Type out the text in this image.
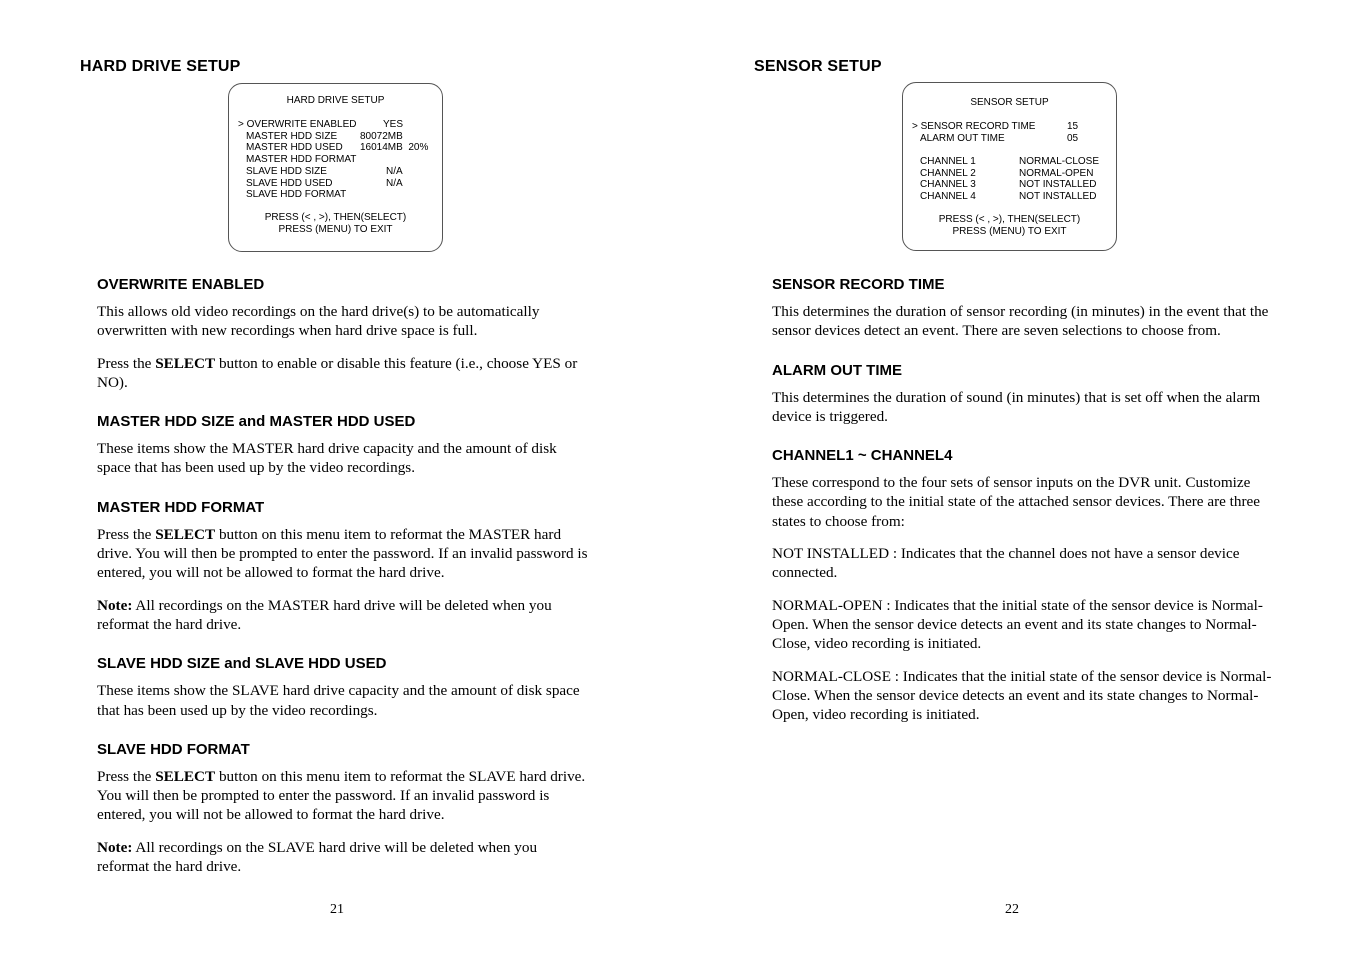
HARD DRIVE SETUP
HARD DRIVE SETUP
> OVERWRITE ENABLED	YES
MASTER HDD SIZE 80072MB
MASTER HDD USED 16014MB  20%
MASTER HDD FORMAT
SLAVE HDD SIZE	N/A
SLAVE HDD USED	N/A
SLAVE HDD FORMAT
PRESS (< , >), THEN(SELECT)
PRESS (MENU) TO EXIT
OVERWRITE ENABLED

This allows old video recordings on the hard drive(s) to be automatically overwritten with new recordings when hard drive space is full.

Press the SELECT button to enable or disable this feature (i.e., choose YES or NO).

MASTER HDD SIZE and MASTER HDD USED

These items show the MASTER hard drive capacity and the amount of disk space that has been used up by the video recordings.

MASTER HDD FORMAT

Press the SELECT button on this menu item to reformat the MASTER hard drive. You will then be prompted to enter the password. If an invalid password is entered, you will not be allowed to format the hard drive.

Note: All recordings on the MASTER hard drive will be deleted when you reformat the hard drive.

SLAVE HDD SIZE and SLAVE HDD USED

These items show the SLAVE hard drive capacity and the amount of disk space that has been used up by the video recordings.

SLAVE HDD FORMAT

Press the SELECT button on this menu item to reformat the SLAVE hard drive. You will then be prompted to enter the password. If an invalid password is entered, you will not be allowed to format the hard drive.

Note: All recordings on the SLAVE hard drive will be deleted when you reformat the hard drive.

21
SENSOR SETUP
SENSOR SETUP
> SENSOR RECORD TIME	15
ALARM OUT TIME	05
CHANNEL 1	NORMAL-CLOSE
CHANNEL 2	NORMAL-OPEN
CHANNEL 3	NOT INSTALLED
CHANNEL 4	NOT INSTALLED
PRESS (< , >), THEN(SELECT)
PRESS (MENU) TO EXIT
SENSOR RECORD TIME

This determines the duration of sensor recording (in minutes) in the event that the sensor devices detect an event. There are seven selections to choose from.

ALARM OUT TIME

This determines the duration of sound (in minutes) that is set off when the alarm device is triggered.

CHANNEL1 ~ CHANNEL4

These correspond to the four sets of sensor inputs on the DVR unit. Customize these according to the initial state of the attached sensor devices. There are three states to choose from:

NOT INSTALLED : Indicates that the channel does not have a sensor device connected.

NORMAL-OPEN : Indicates that the initial state of the sensor device is Normal-Open. When the sensor device detects an event and its state changes to Normal-Close, video recording is initiated.

NORMAL-CLOSE : Indicates that the initial state of the sensor device is Normal-Close. When the sensor device detects an event and its state changes to Normal-Open, video recording is initiated.

22
